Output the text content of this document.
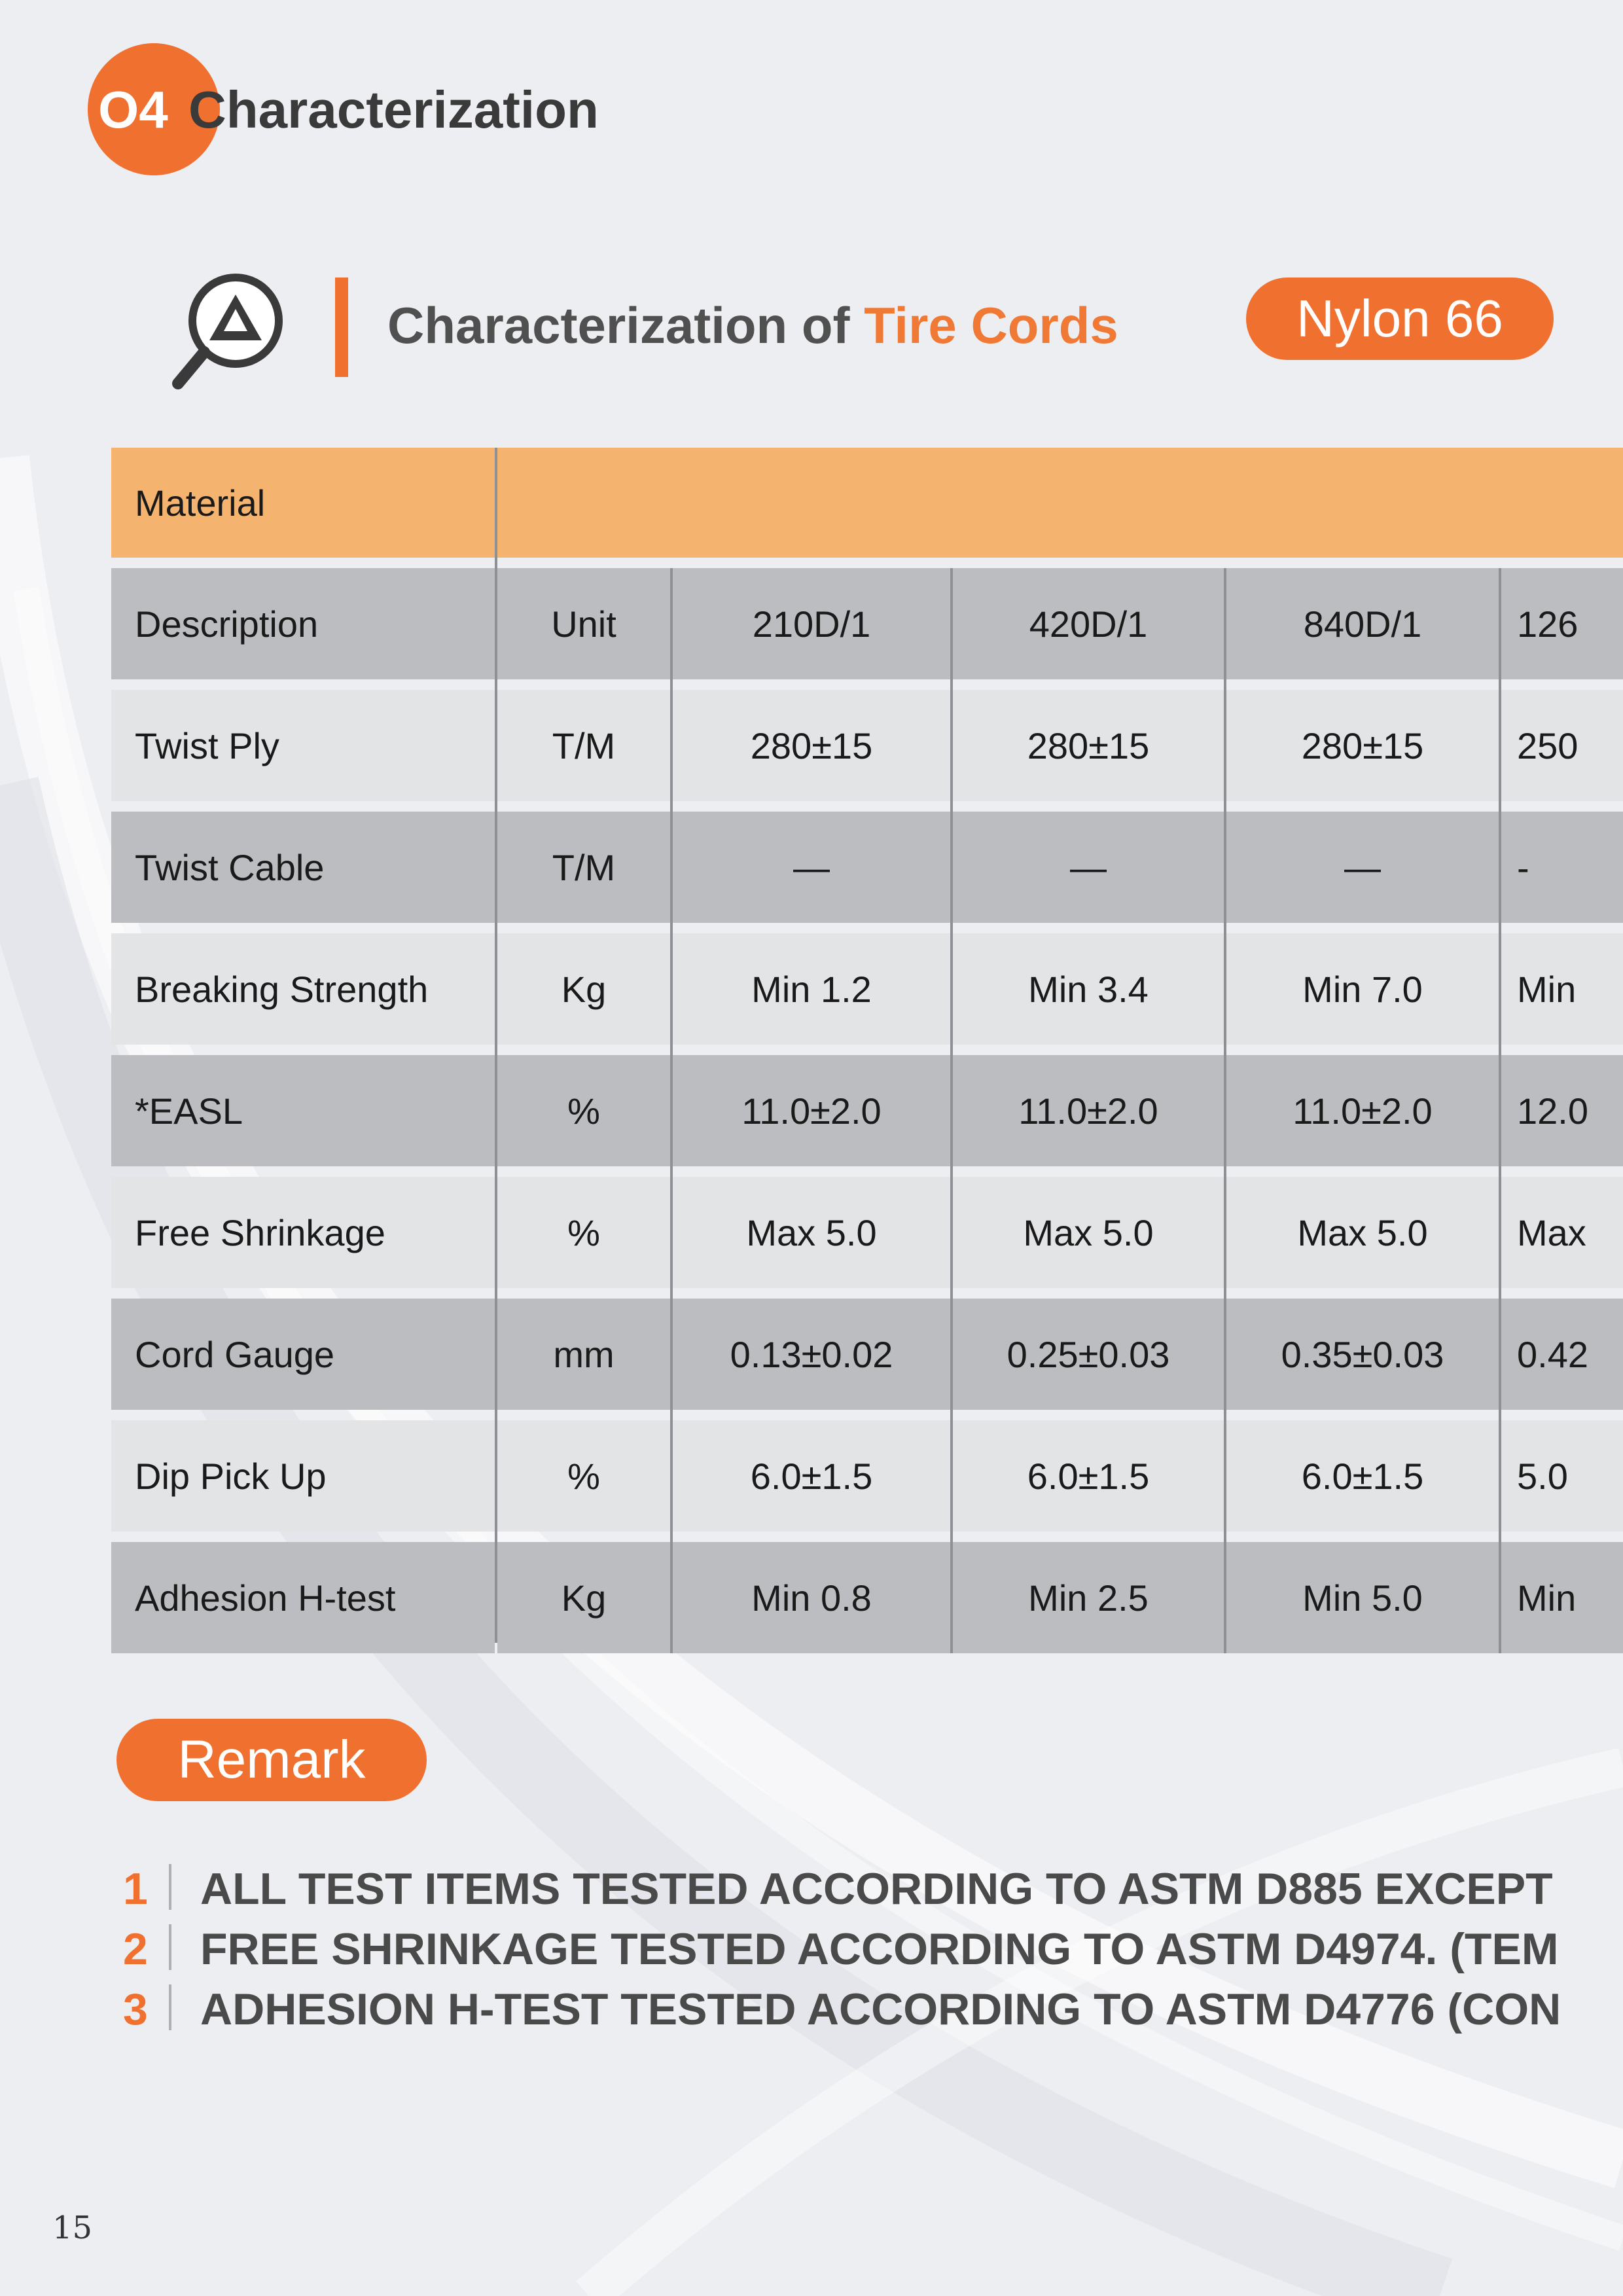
O4 Characterization
Characterization of Tire Cords	Nylon 66
Material
Description	Unit	210D/1	420D/1	840D/1	126
Twist Ply	T/M	280±15	280±15	280±15	250
Twist Cable	T/M	—	—	—	-
Breaking Strength	Kg	Min 1.2	Min 3.4	Min 7.0	Min
*EASL	%	11.0±2.0	11.0±2.0	11.0±2.0 12.0
Free Shrinkage	%	Max 5.0	Max 5.0	Max 5.0 Max
Cord Gauge	mm	0.13±0.02	0.25±0.03	0.35±0.03 0.42
Dip Pick Up	%	6.0±1.5	6.0±1.5	6.0±1.5	5.0
Adhesion H-test	Kg	Min 0.8	Min 2.5	Min 5.0	Min
Remark
1 ALL TEST ITEMS TESTED ACCORDING TO ASTM D885 EXCEPT
2 FREE SHRINKAGE TESTED ACCORDING TO ASTM D4974. (TEM
3 ADHESION H-TEST TESTED ACCORDING TO ASTM D4776 (CON
15
